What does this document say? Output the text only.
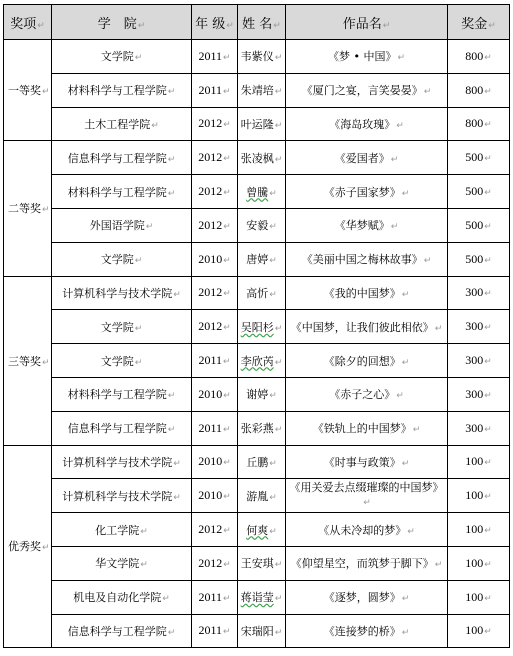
奖项↵	学　院↵	年 级↵	姓 名↵	作品名↵	奖金↵
一等奖↵	文学院↵	2011↵	韦紫仪↵	《梦 • 中国》↵	800↵
	材料科学与工程学院↵	2011↵	朱靖培↵	《厦门之宴，言笑晏晏》↵	800↵
	土木工程学院↵	2012↵	叶运隆↵	《海岛玫瑰》↵	800↵
二等奖↵	信息科学与工程学院↵	2012↵	张凌枫↵	《爱国者》↵	500↵
	材料科学与工程学院↵	2012↵	曾騰↵	《赤子国家梦》↵	500↵
	外国语学院↵	2012↵	安毅↵	《华梦赋》↵	500↵
	文学院↵	2010↵	唐婷↵	《美丽中国之梅林故事》↵	500↵
三等奖↵	计算机科学与技术学院↵	2012↵	高忻↵	《我的中国梦》↵	300↵
	文学院↵	2012↵	吴阳杉↵	《中国梦，让我们彼此相依》↵	300↵
	文学院↵	2011↵	李欣芮↵	《除夕的回想》↵	300↵
	材料科学与工程学院↵	2010↵	谢婷↵	《赤子之心》↵	300↵
	信息科学与工程学院↵	2011↵	张彩燕↵	《铁轨上的中国梦》↵	300↵
优秀奖↵	计算机科学与技术学院↵	2010↵	丘鹏↵	《时事与政策》↵	100↵
	计算机科学与技术学院↵	2010↵	游胤↵	《用关爱去点缀璀璨的中国梦》↵	100↵
	化工学院↵	2012↵	何爽↵	《从未冷却的梦》↵	100↵
	华文学院↵	2012↵	王安琪↵	《仰望星空，而筑梦于脚下》↵	100↵
	机电及自动化学院↵	2011↵	蒋诣莹↵	《逐梦，圆梦》↵	100↵
	信息科学与工程学院↵	2011↵	宋瑞阳↵	《连接梦的桥》↵	100↵
